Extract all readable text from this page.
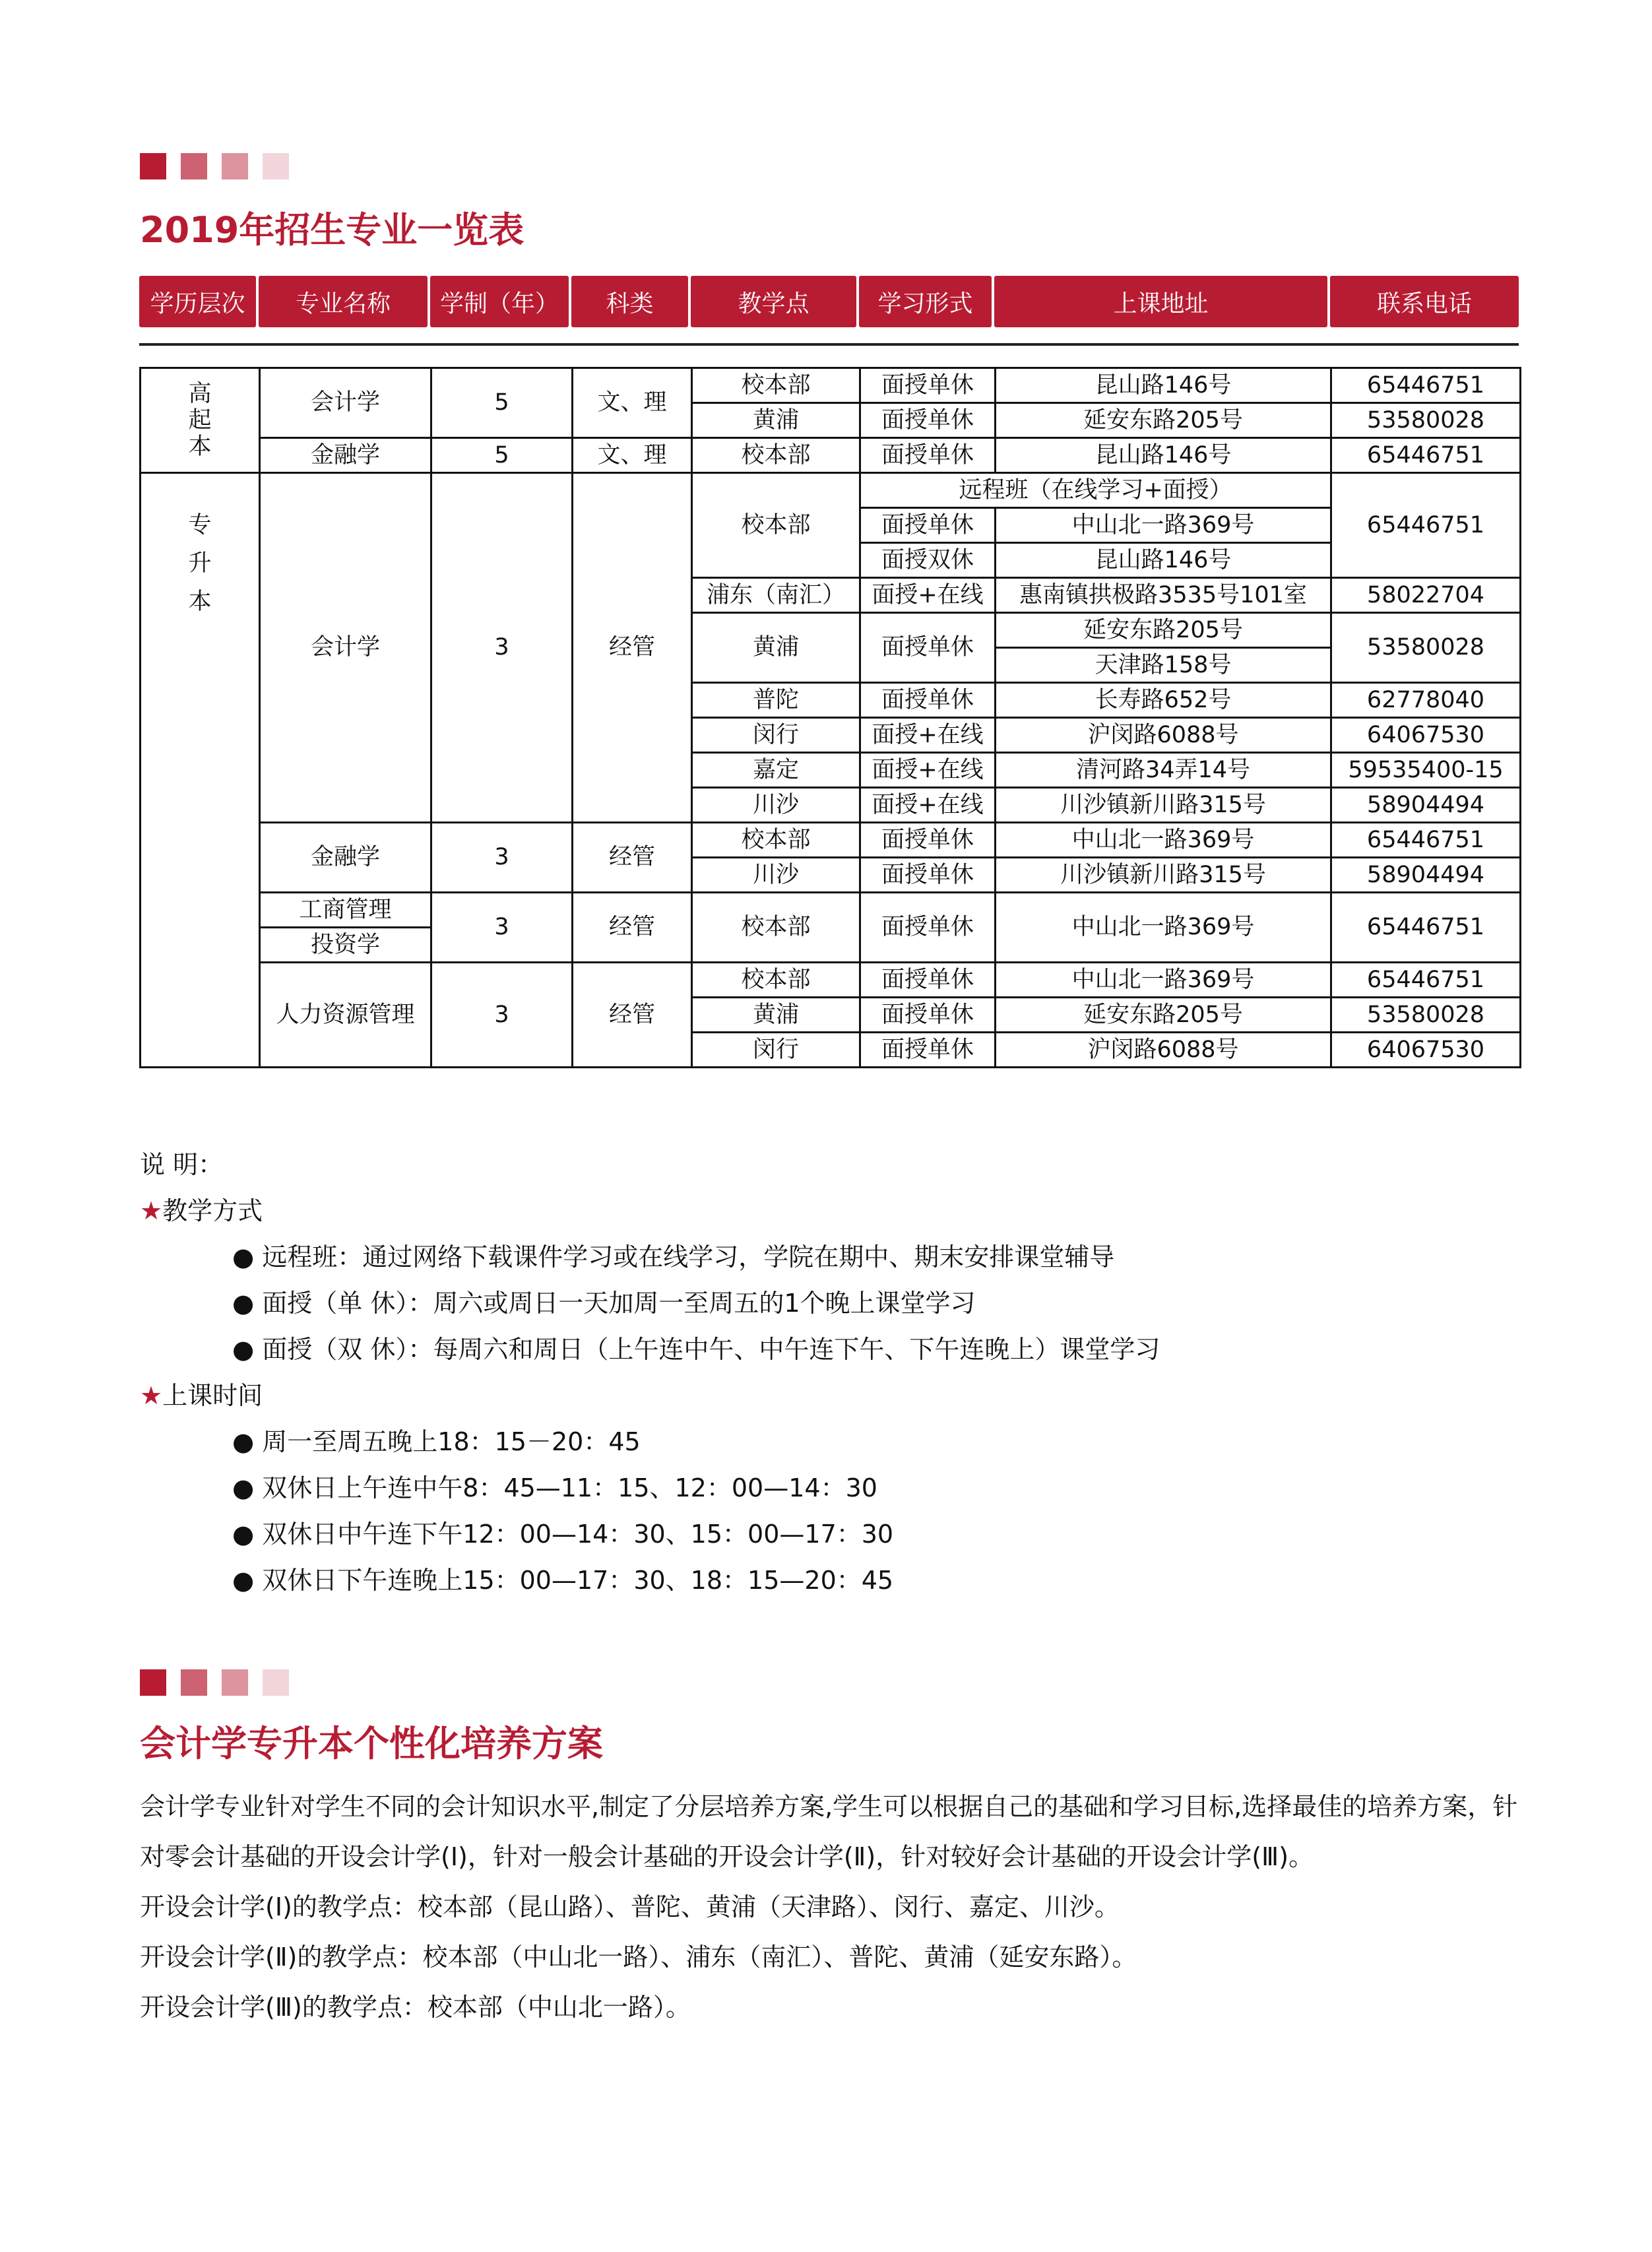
2019年招生专业一览表
学历层次	专业名称	学制（年）	科类	教学点	学习形式	上课地址	联系电话
高
起
本	会计学	5	文、理	校本部	面授单休	昆山路146号	65446751
				黄浦	面授单休	延安东路205号	53580028
	金融学	5	文、理	校本部	面授单休	昆山路146号	65446751
专
升
本	会计学	3	经管	校本部	远程班（在线学习+面授）		65446751
					面授单休	中山北一路369号	
					面授双休	昆山路146号	
				浦东（南汇）	面授+在线	惠南镇拱极路3535号101室	58022704
				黄浦	面授单休	延安东路205号	53580028
						天津路158号	
				普陀	面授单休	长寿路652号	62778040
				闵行	面授+在线	沪闵路6088号	64067530
				嘉定	面授+在线	清河路34弄14号	59535400-15
				川沙	面授+在线	川沙镇新川路315号	58904494
	金融学	3	经管	校本部	面授单休	中山北一路369号	65446751
				川沙	面授单休	川沙镇新川路315号	58904494
	工商管理	3	经管	校本部	面授单休	中山北一路369号	65446751
	投资学						
	人力资源管理	3	经管	校本部	面授单休	中山北一路369号	65446751
				黄浦	面授单休	延安东路205号	53580028
				闵行	面授单休	沪闵路6088号	64067530
说 明：
★教学方式
● 远程班：通过网络下载课件学习或在线学习，学院在期中、期末安排课堂辅导
● 面授（单 休）：周六或周日一天加周一至周五的1个晚上课堂学习
● 面授（双 休）：每周六和周日（上午连中午、中午连下午、下午连晚上）课堂学习
★上课时间
● 周一至周五晚上18：15－20：45
● 双休日上午连中午8：45—11：15、12：00—14：30
● 双休日中午连下午12：00—14：30、15：00—17：30
● 双休日下午连晚上15：00—17：30、18：15—20：45
会计学专升本个性化培养方案

会计学专业针对学生不同的会计知识水平,制定了分层培养方案,学生可以根据自己的基础和学习目标,选择最佳的培养方案，针对零会计基础的开设会计学(Ⅰ)，针对一般会计基础的开设会计学(Ⅱ)，针对较好会计基础的开设会计学(Ⅲ)。

开设会计学(Ⅰ)的教学点：校本部（昆山路）、普陀、黄浦（天津路）、闵行、嘉定、川沙。

开设会计学(Ⅱ)的教学点：校本部（中山北一路）、浦东（南汇）、普陀、黄浦（延安东路）。

开设会计学(Ⅲ)的教学点：校本部（中山北一路）。
